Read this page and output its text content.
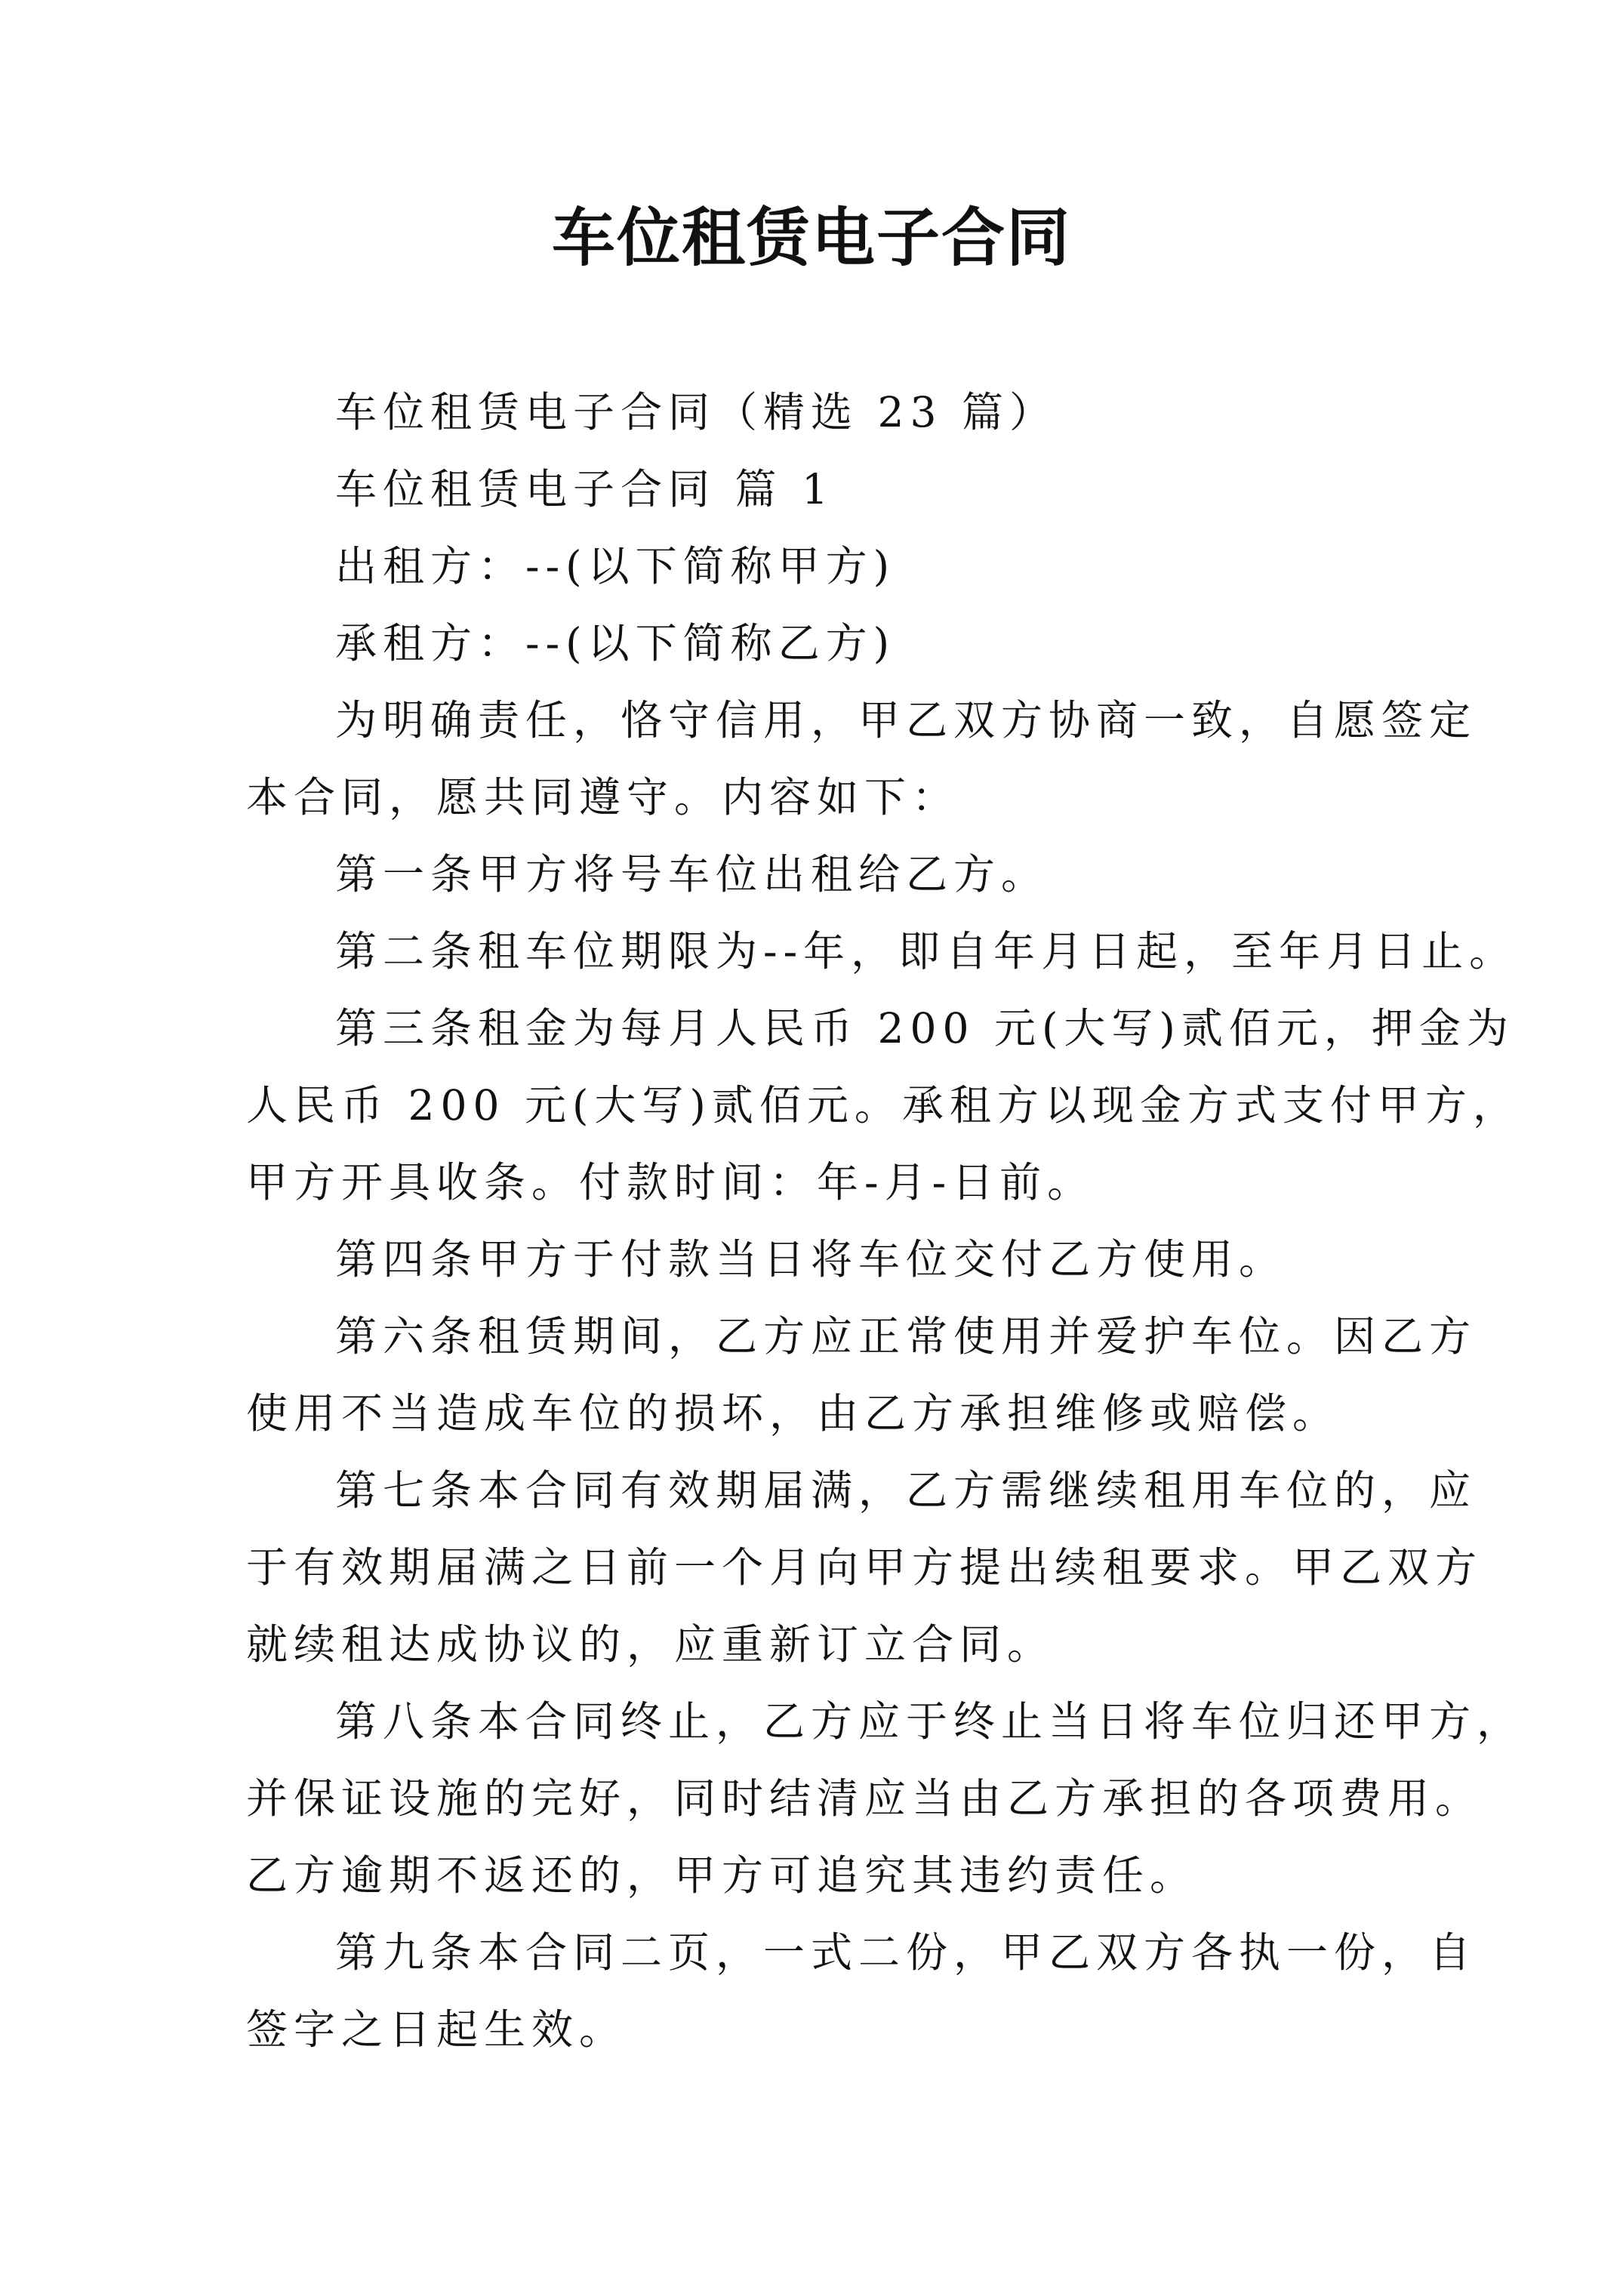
车位租赁电子合同

车位租赁电子合同（精选 23 篇）

车位租赁电子合同 篇 1

出租方：--(以下简称甲方)

承租方：--(以下简称乙方)

为明确责任，恪守信用，甲乙双方协商一致，自愿签定
本合同，愿共同遵守。内容如下：

第一条甲方将号车位出租给乙方。

第二条租车位期限为--年，即自年月日起，至年月日止。

第三条租金为每月人民币 200 元(大写)贰佰元，押金为
人民币 200 元(大写)贰佰元。承租方以现金方式支付甲方，
甲方开具收条。付款时间：年-月-日前。

第四条甲方于付款当日将车位交付乙方使用。

第六条租赁期间，乙方应正常使用并爱护车位。因乙方
使用不当造成车位的损坏，由乙方承担维修或赔偿。

第七条本合同有效期届满，乙方需继续租用车位的，应
于有效期届满之日前一个月向甲方提出续租要求。甲乙双方
就续租达成协议的，应重新订立合同。

第八条本合同终止，乙方应于终止当日将车位归还甲方，
并保证设施的完好，同时结清应当由乙方承担的各项费用。
乙方逾期不返还的，甲方可追究其违约责任。

第九条本合同二页，一式二份，甲乙双方各执一份，自
签字之日起生效。
